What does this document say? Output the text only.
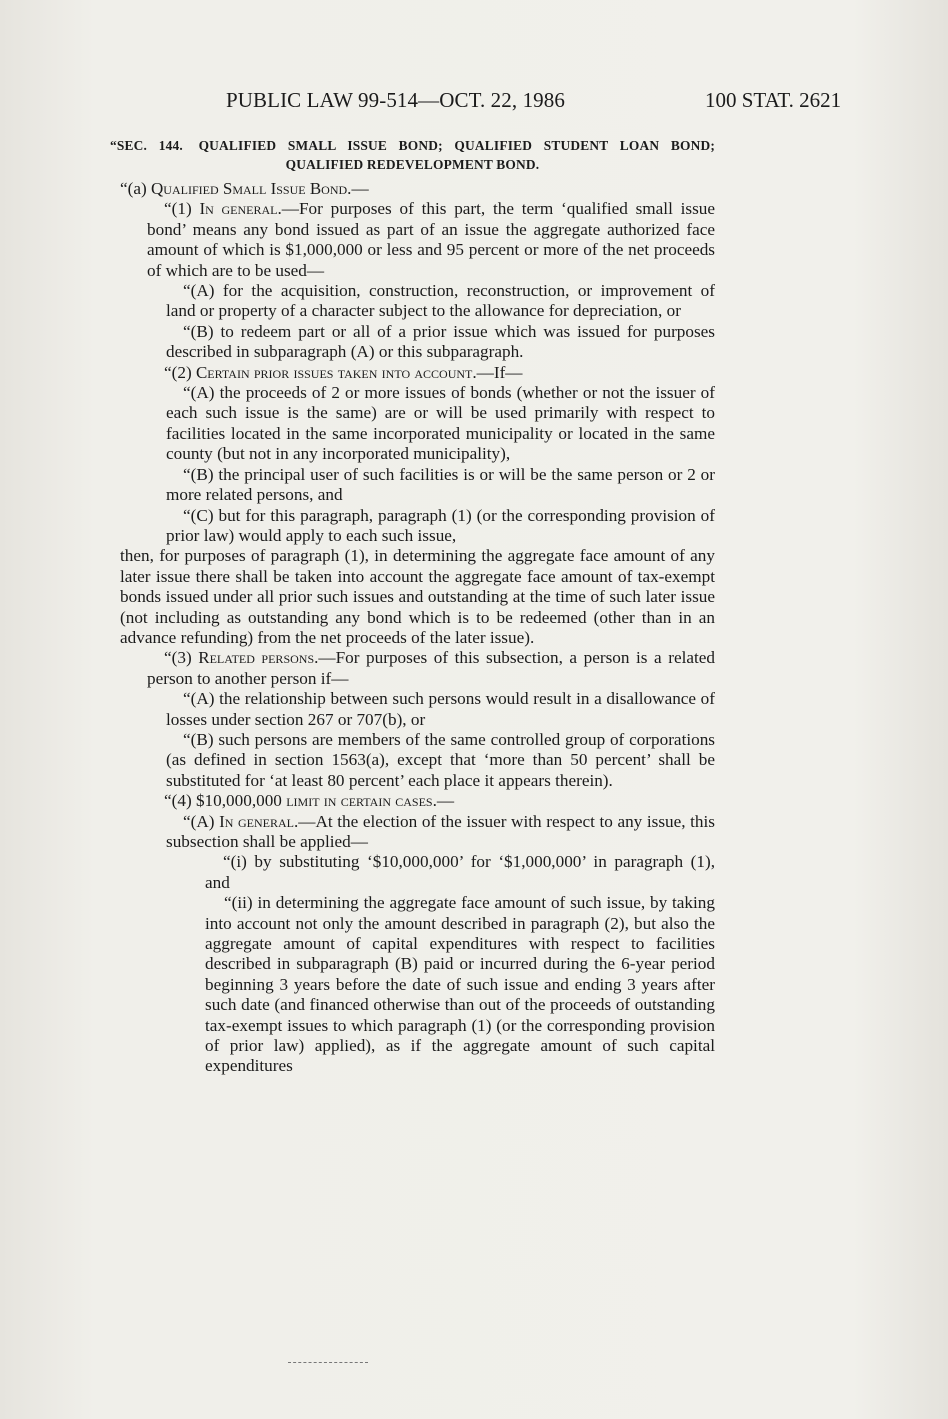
PUBLIC LAW 99-514—OCT. 22, 1986	100 STAT. 2621
“SEC. 144. QUALIFIED SMALL ISSUE BOND; QUALIFIED STUDENT LOAN BOND; QUALIFIED REDEVELOPMENT BOND.

“(a) Qualified Small Issue Bond.—

“(1) In general.—For purposes of this part, the term ‘qualified small issue bond’ means any bond issued as part of an issue the aggregate authorized face amount of which is $1,000,000 or less and 95 percent or more of the net proceeds of which are to be used—

“(A) for the acquisition, construction, reconstruction, or improvement of land or property of a character subject to the allowance for depreciation, or

“(B) to redeem part or all of a prior issue which was issued for purposes described in subparagraph (A) or this subparagraph.

“(2) Certain prior issues taken into account.—If—

“(A) the proceeds of 2 or more issues of bonds (whether or not the issuer of each such issue is the same) are or will be used primarily with respect to facilities located in the same incorporated municipality or located in the same county (but not in any incorporated municipality),

“(B) the principal user of such facilities is or will be the same person or 2 or more related persons, and

“(C) but for this paragraph, paragraph (1) (or the corresponding provision of prior law) would apply to each such issue,

then, for purposes of paragraph (1), in determining the aggregate face amount of any later issue there shall be taken into account the aggregate face amount of tax-exempt bonds issued under all prior such issues and outstanding at the time of such later issue (not including as outstanding any bond which is to be redeemed (other than in an advance refunding) from the net proceeds of the later issue).

“(3) Related persons.—For purposes of this subsection, a person is a related person to another person if—

“(A) the relationship between such persons would result in a disallowance of losses under section 267 or 707(b), or

“(B) such persons are members of the same controlled group of corporations (as defined in section 1563(a), except that ‘more than 50 percent’ shall be substituted for ‘at least 80 percent’ each place it appears therein).

“(4) $10,000,000 limit in certain cases.—

“(A) In general.—At the election of the issuer with respect to any issue, this subsection shall be applied—

“(i) by substituting ‘$10,000,000’ for ‘$1,000,000’ in paragraph (1), and

“(ii) in determining the aggregate face amount of such issue, by taking into account not only the amount described in paragraph (2), but also the aggregate amount of capital expenditures with respect to facilities described in subparagraph (B) paid or incurred during the 6-year period beginning 3 years before the date of such issue and ending 3 years after such date (and financed otherwise than out of the proceeds of outstanding tax-exempt issues to which paragraph (1) (or the corresponding provision of prior law) applied), as if the aggregate amount of such capital expenditures
